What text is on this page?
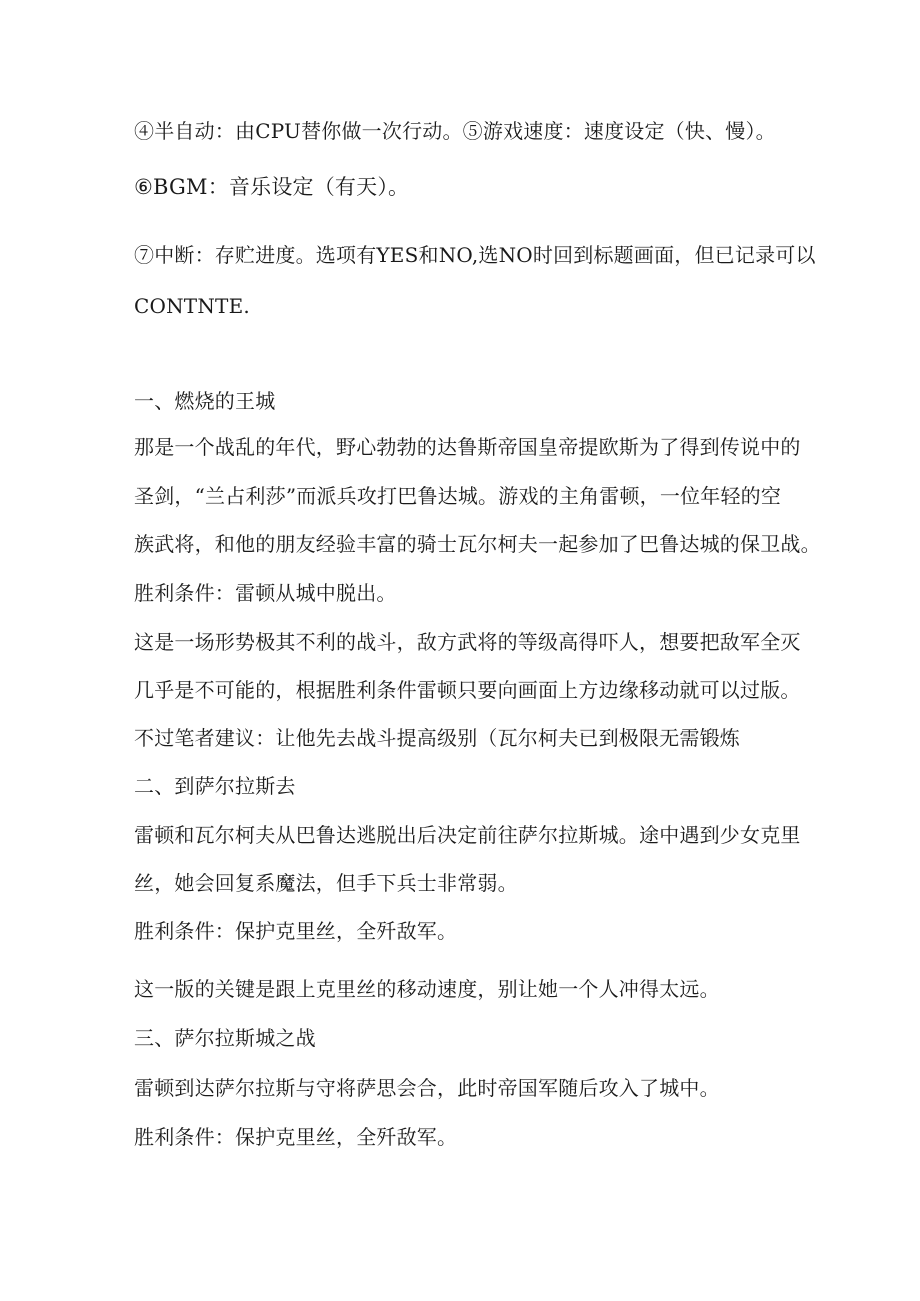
④半自动：由CPU替你做一次行动。⑤游戏速度：速度设定（快、慢）。
⑥BGM：音乐设定（有天）。
⑦中断：存贮进度。选项有YES和NO,选NO时回到标题画面，但已记录可以
CONTNTE.
一、燃烧的王城
那是一个战乱的年代，野心勃勃的达鲁斯帝国皇帝提欧斯为了得到传说中的
圣剑，“兰占利莎”而派兵攻打巴鲁达城。游戏的主角雷顿，一位年轻的空
族武将，和他的朋友经验丰富的骑士瓦尔柯夫一起参加了巴鲁达城的保卫战。
胜利条件：雷顿从城中脱出。
这是一场形势极其不利的战斗，敌方武将的等级高得吓人，想要把敌军全灭
几乎是不可能的，根据胜利条件雷顿只要向画面上方边缘移动就可以过版。
不过笔者建议：让他先去战斗提高级别（瓦尔柯夫已到极限无需锻炼
二、到萨尔拉斯去
雷顿和瓦尔柯夫从巴鲁达逃脱出后决定前往萨尔拉斯城。途中遇到少女克里
丝，她会回复系魔法，但手下兵士非常弱。
胜利条件：保护克里丝，全歼敌军。
这一版的关键是跟上克里丝的移动速度，别让她一个人冲得太远。
三、萨尔拉斯城之战
雷顿到达萨尔拉斯与守将萨思会合，此时帝国军随后攻入了城中。
胜利条件：保护克里丝，全歼敌军。
